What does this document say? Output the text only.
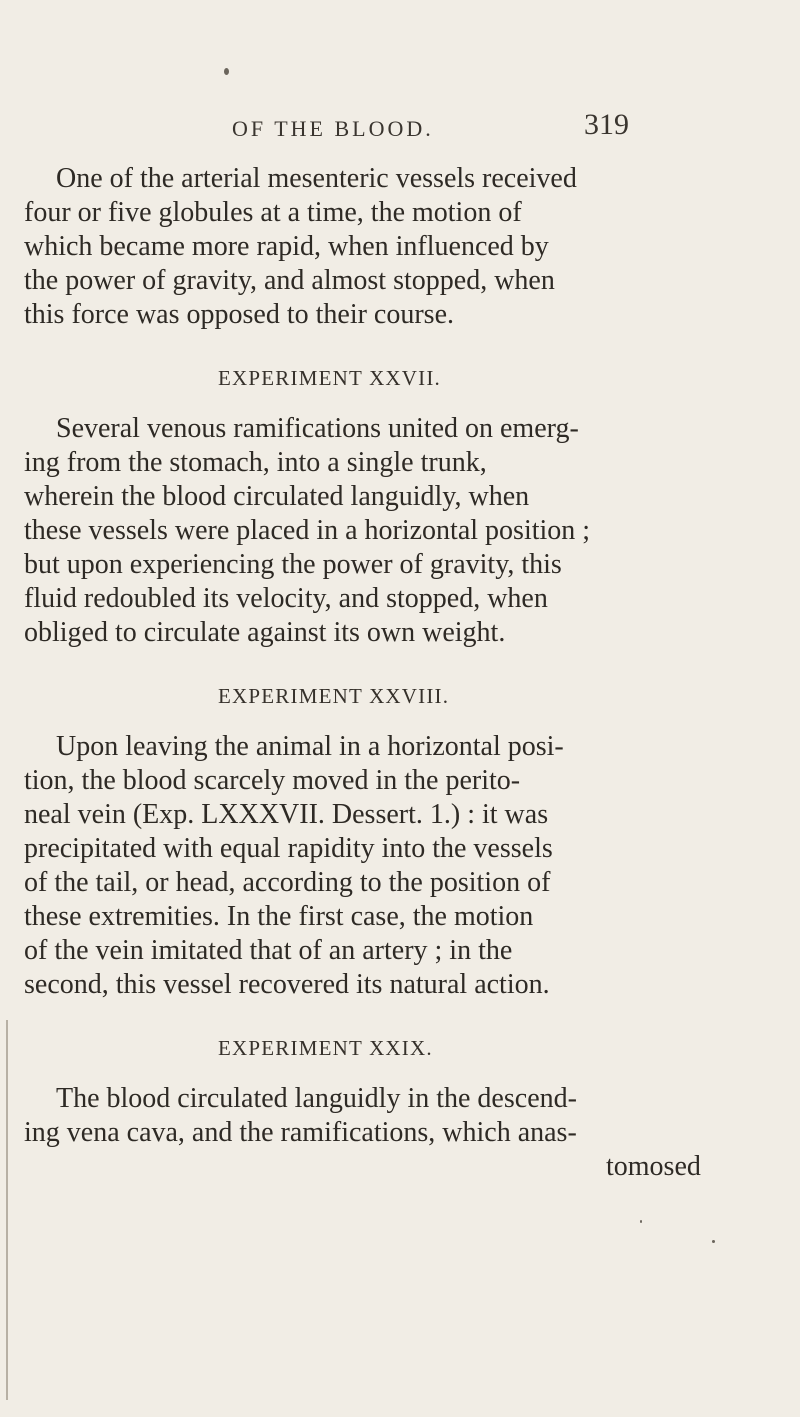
OF THE BLOOD.	319
One of the arterial mesenteric vessels received
four or five globules at a time, the motion of
which became more rapid, when influenced by
the power of gravity, and almost stopped, when
this force was opposed to their course.
EXPERIMENT XXVII.
Several venous ramifications united on emerg-
ing from the stomach, into a single trunk,
wherein the blood circulated languidly, when
these vessels were placed in a horizontal position ;
but upon experiencing the power of gravity, this
fluid redoubled its velocity, and stopped, when
obliged to circulate against its own weight.
EXPERIMENT XXVIII.
Upon leaving the animal in a horizontal posi-
tion, the blood scarcely moved in the perito-
neal vein (Exp. LXXXVII. Dessert. 1.) : it was
precipitated with equal rapidity into the vessels
of the tail, or head, according to the position of
these extremities. In the first case, the motion
of the vein imitated that of an artery ; in the
second, this vessel recovered its natural action.
EXPERIMENT XXIX.
The blood circulated languidly in the descend-
ing vena cava, and the ramifications, which anas-
tomosed
